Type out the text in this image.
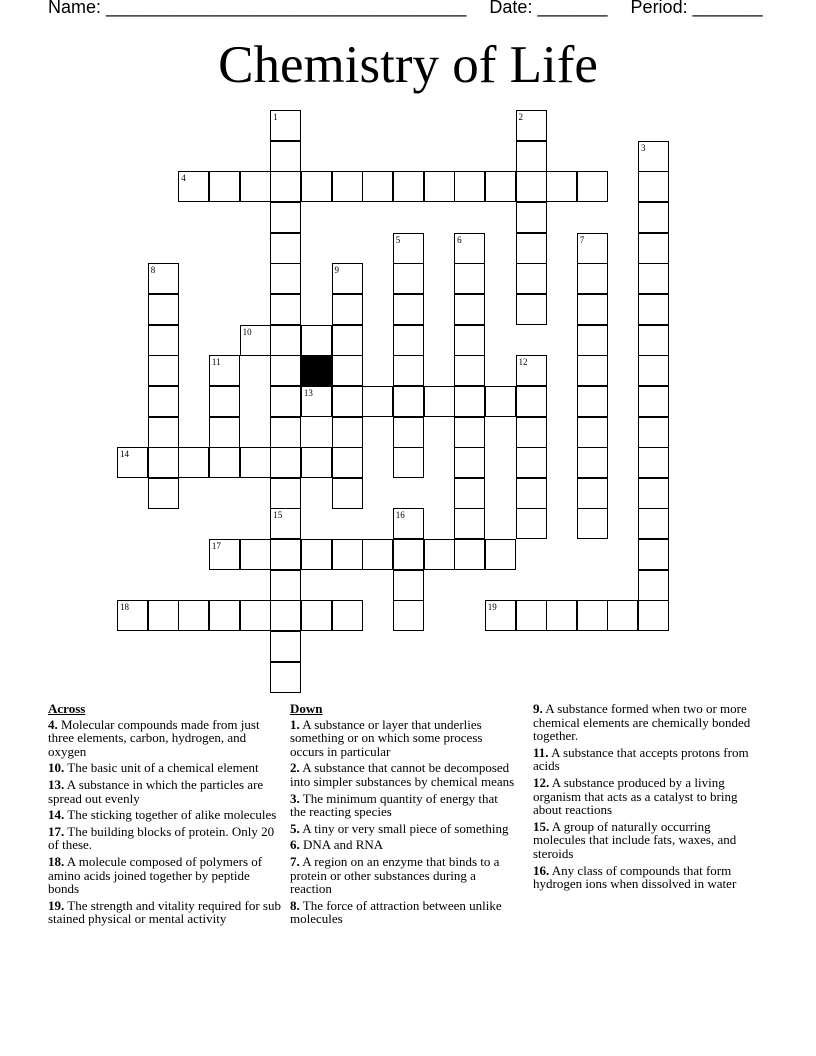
Name: ____________________________________ Date: _______ Period: _______
Chemistry of Life
1	2
3
4
5	6	7
8	9
10
11	12
13
14
15	16
17
18	19
Across
4. Molecular compounds made from just three elements, carbon, hydrogen, and oxygen
10. The basic unit of a chemical element
13. A substance in which the particles are spread out evenly
14. The sticking together of alike molecules
17. The building blocks of protein. Only 20 of these.
18. A molecule composed of polymers of amino acids joined together by peptide bonds
19. The strength and vitality required for sub stained physical or mental activity
Down
1. A substance or layer that underlies something or on which some process occurs in particular
2. A substance that cannot be decomposed into simpler substances by chemical means
3. The minimum quantity of energy that the reacting species
5. A tiny or very small piece of something
6. DNA and RNA
7. A region on an enzyme that binds to a protein or other substances during a reaction
8. The force of attraction between unlike molecules
9. A substance formed when two or more chemical elements are chemically bonded together.
11. A substance that accepts protons from acids
12. A substance produced by a living organism that acts as a catalyst to bring about reactions
15. A group of naturally occurring molecules that include fats, waxes, and steroids
16. Any class of compounds that form hydrogen ions when dissolved in water
